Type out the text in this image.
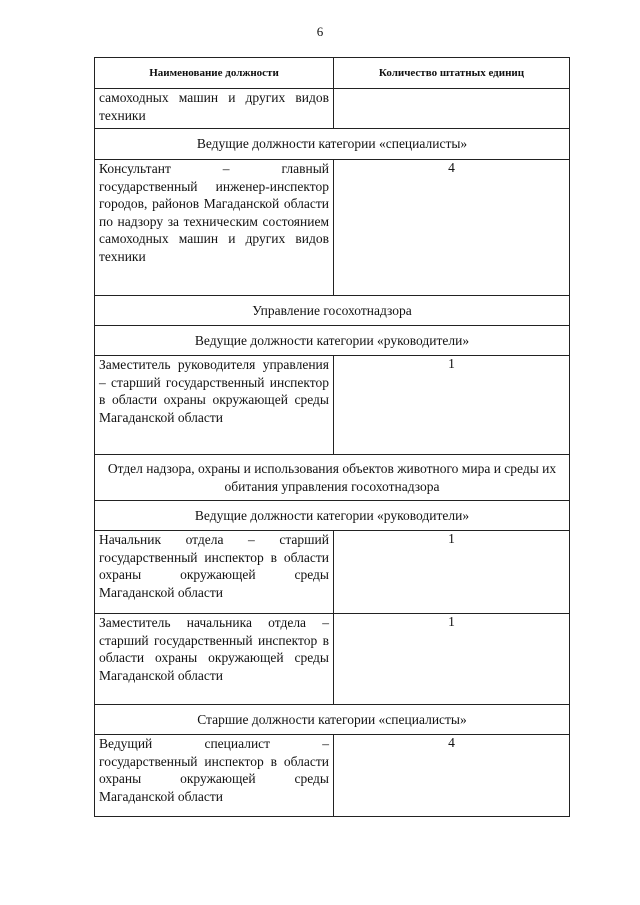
6
Наименование должности	Количество штатных единиц
самоходных машин и других видов техники	
Ведущие должности категории «специалисты»	
Консультант – главный государственный инженер-инспектор городов, районов Магаданской области по надзору за техническим состоянием самоходных машин и других видов техники	4
Управление госохотнадзора	
Ведущие должности категории «руководители»	
Заместитель руководителя управления – старший государственный инспектор в области охраны окружающей среды Магаданской области	1
Отдел надзора, охраны и использования объектов животного мира и среды их обитания управления госохотнадзора	
Ведущие должности категории «руководители»	
Начальник отдела – старший государственный инспектор в области охраны окружающей среды Магаданской области	1
Заместитель начальника отдела – старший государственный инспектор в области охраны окружающей среды Магаданской области	1
Старшие должности категории «специалисты»	
Ведущий специалист – государственный инспектор в области охраны окружающей среды Магаданской области	4
